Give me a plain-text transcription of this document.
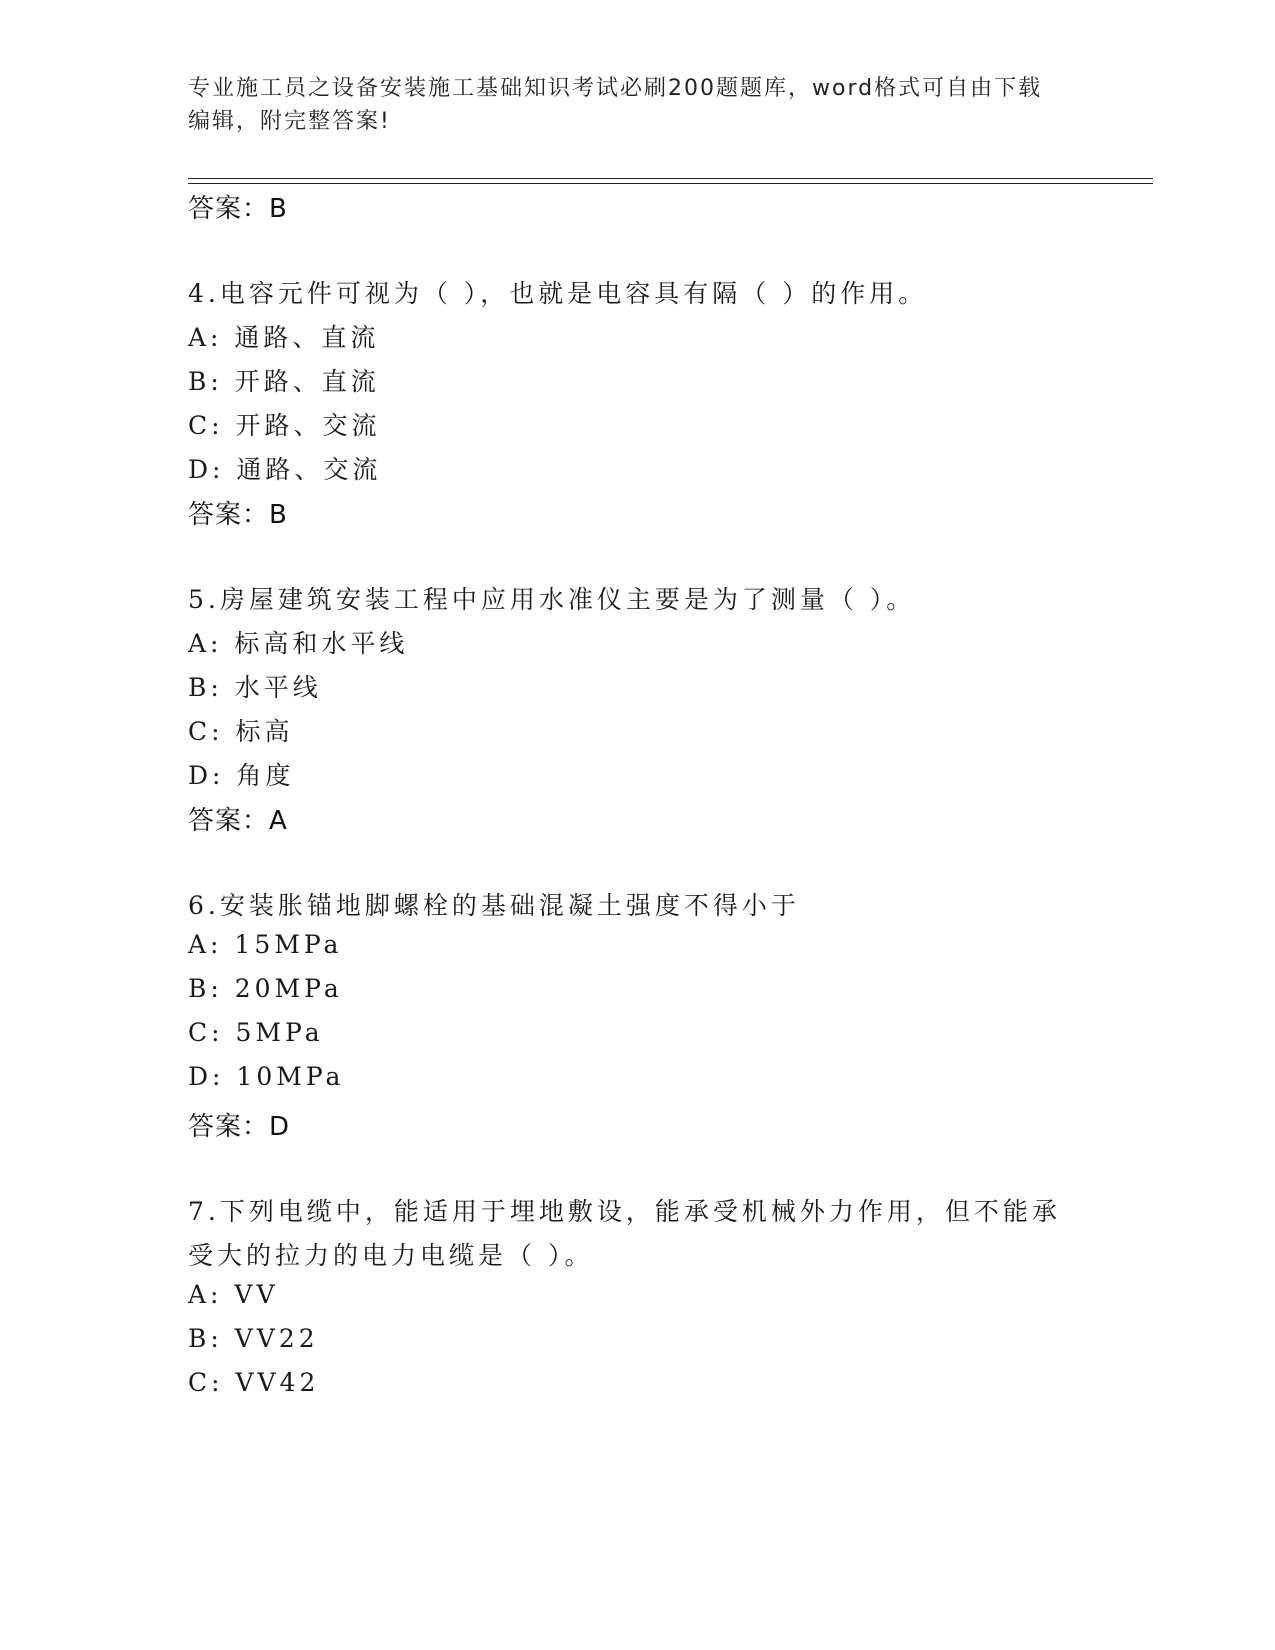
专业施工员之设备安装施工基础知识考试必刷200题题库，word格式可自由下载
编辑，附完整答案!
答案：B
4.电容元件可视为（ ），也就是电容具有隔（ ）的作用。
A: 通路、直流
B: 开路、直流
C: 开路、交流
D: 通路、交流
答案：B
5.房屋建筑安装工程中应用水准仪主要是为了测量（ ）。
A: 标高和水平线
B: 水平线
C: 标高
D: 角度
答案：A
6.安装胀锚地脚螺栓的基础混凝土强度不得小于
A: 15MPa
B: 20MPa
C: 5MPa
D: 10MPa
答案：D
7.下列电缆中，能适用于埋地敷设，能承受机械外力作用，但不能承
受大的拉力的电力电缆是（ ）。
A: VV
B: VV22
C: VV42
